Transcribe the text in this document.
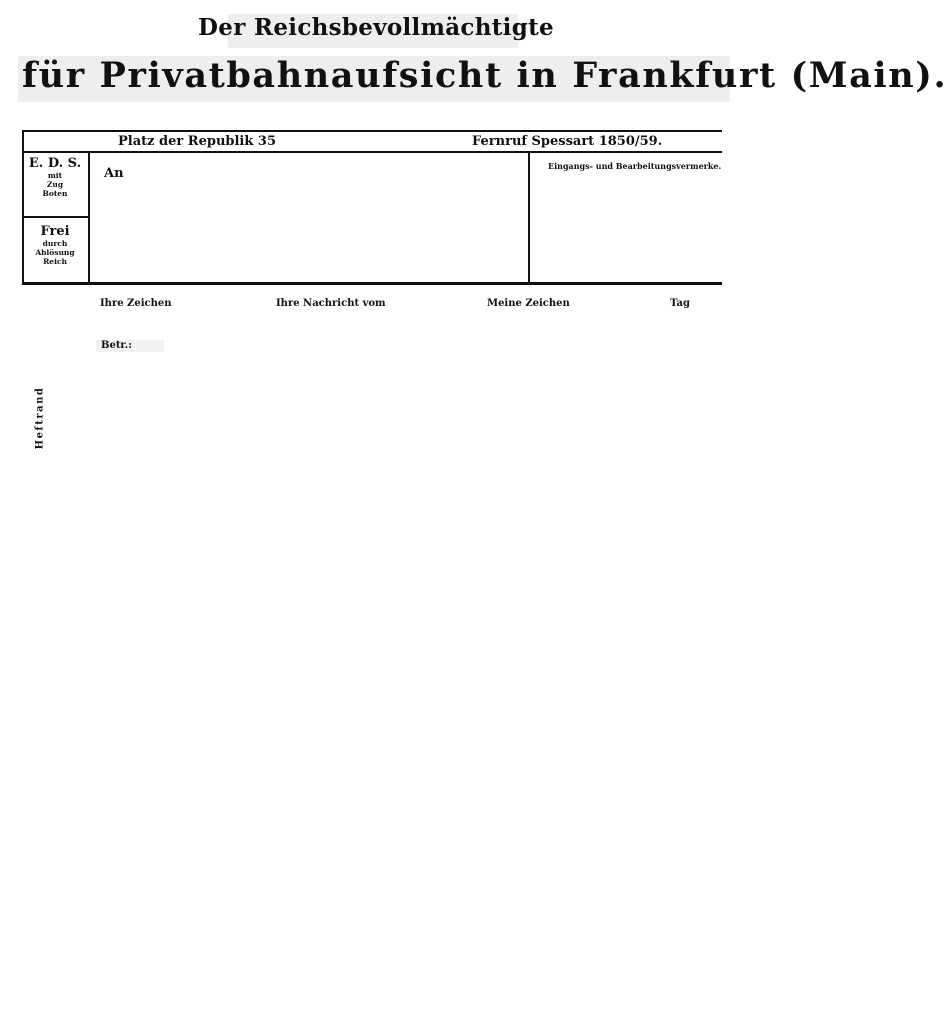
Der Reichsbevollmächtigte
für Privatbahnaufsicht in Frankfurt (Main).
Platz der Republik 35	Fernruf Spessart 1850/59.
E. D. S.
mit
Zug
Boten
Frei
durch
Ablösung
Reich
An	Eingangs- und Bearbeitungsvermerke.
Ihre Zeichen	Ihre Nachricht vom	Meine Zeichen	Tag
Betr.:
Heftrand
